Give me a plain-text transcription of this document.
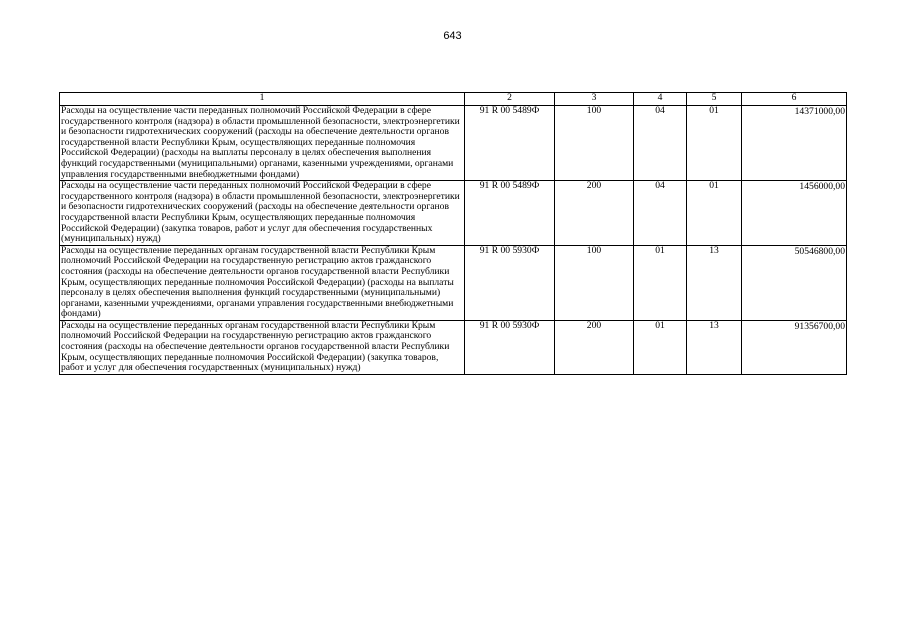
643
1	2	3	4	5	6
Расходы на осуществление части переданных полномочий Российской Федерации в сфере государственного контроля (надзора) в области промышленной безопасности, электроэнергетики и безопасности гидротехнических сооружений (расходы на обеспечение деятельности органов государственной власти Республики Крым, осуществляющих переданные полномочия Российской Федерации) (расходы на выплаты персоналу в целях обеспечения выполнения функций государственными (муниципальными) органами, казенными учреждениями, органами управления государственными внебюджетными фондами)	91 R 00 5489Ф	100	04	01	14371000,00

Расходы на осуществление части переданных полномочий Российской Федерации в сфере государственного контроля (надзора) в области промышленной безопасности, электроэнергетики и безопасности гидротехнических сооружений (расходы на обеспечение деятельности органов государственной власти Республики Крым, осуществляющих переданные полномочия Российской Федерации) (закупка товаров, работ и услуг для обеспечения государственных (муниципальных) нужд)	91 R 00 5489Ф	200	04	01	1456000,00

Расходы на осуществление переданных органам государственной власти Республики Крым полномочий Российской Федерации на государственную регистрацию актов гражданского состояния (расходы на обеспечение деятельности органов государственной власти Республики Крым, осуществляющих переданные полномочия Российской Федерации) (расходы на выплаты персоналу в целях обеспечения выполнения функций государственными (муниципальными) органами, казенными учреждениями, органами управления государственными внебюджетными фондами)	91 R 00 5930Ф	100	01	13	50546800,00

Расходы на осуществление переданных органам государственной власти Республики Крым полномочий Российской Федерации на государственную регистрацию актов гражданского состояния (расходы на обеспечение деятельности органов государственной власти Республики Крым, осуществляющих переданные полномочия Российской Федерации) (закупка товаров, работ и услуг для обеспечения государственных (муниципальных) нужд)	91 R 00 5930Ф	200	01	13	91356700,00
